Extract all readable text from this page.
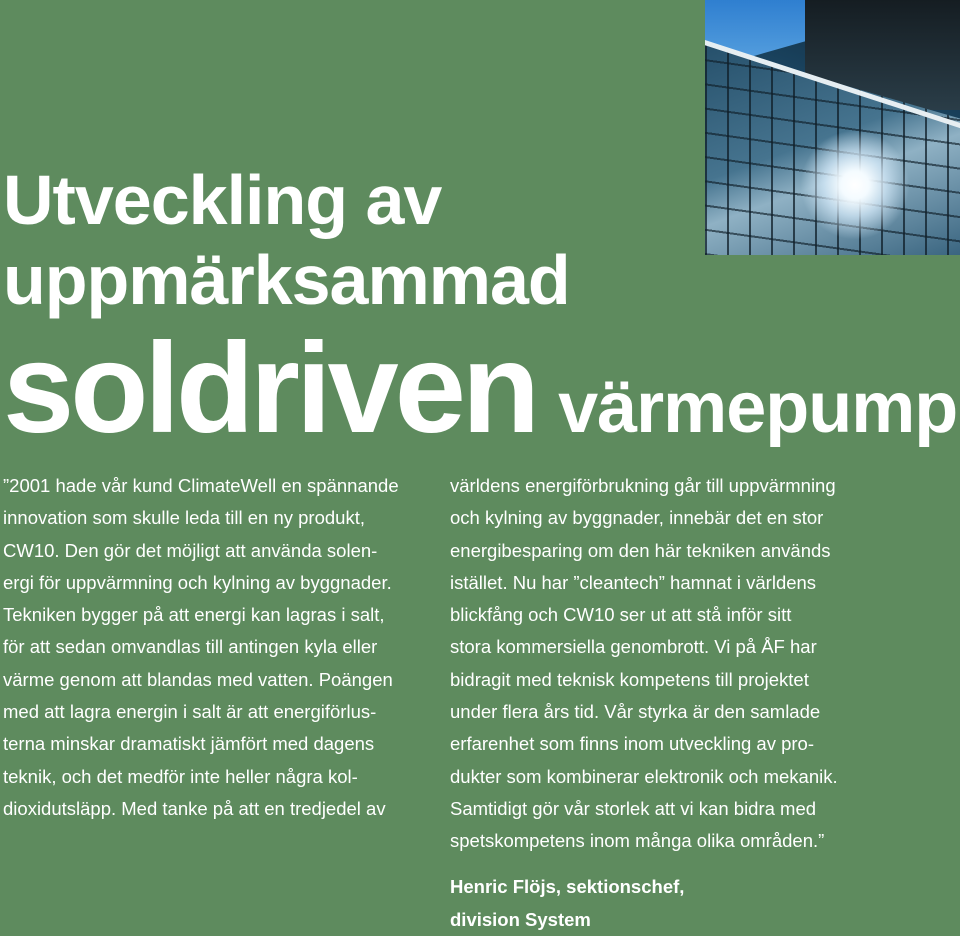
Utveckling av
uppmärksammad
soldriven värmepump

”2001 hade vår kund ClimateWell en spännande

innovation som skulle leda till en ny produkt,

CW10. Den gör det möjligt att använda solen-

ergi för uppvärmning och kylning av byggnader.

Tekniken bygger på att energi kan lagras i salt,

för att sedan omvandlas till antingen kyla eller

värme genom att blandas med vatten. Poängen

med att lagra energin i salt är att energiförlus-

terna minskar dramatiskt jämfört med dagens

teknik, och det medför inte heller några kol-

dioxidutsläpp. Med tanke på att en tredjedel av

världens energiförbrukning går till uppvärmning

och kylning av byggnader, innebär det en stor

energibesparing om den här tekniken används

istället. Nu har ”cleantech” hamnat i världens

blickfång och CW10 ser ut att stå inför sitt

stora kommersiella genombrott. Vi på ÅF har

bidragit med teknisk kompetens till projektet

under flera års tid. Vår styrka är den samlade

erfarenhet som finns inom utveckling av pro-

dukter som kombinerar elektronik och mekanik.

Samtidigt gör vår storlek att vi kan bidra med

spetskompetens inom många olika områden.”

Henric Flöjs, sektionschef,

division System
